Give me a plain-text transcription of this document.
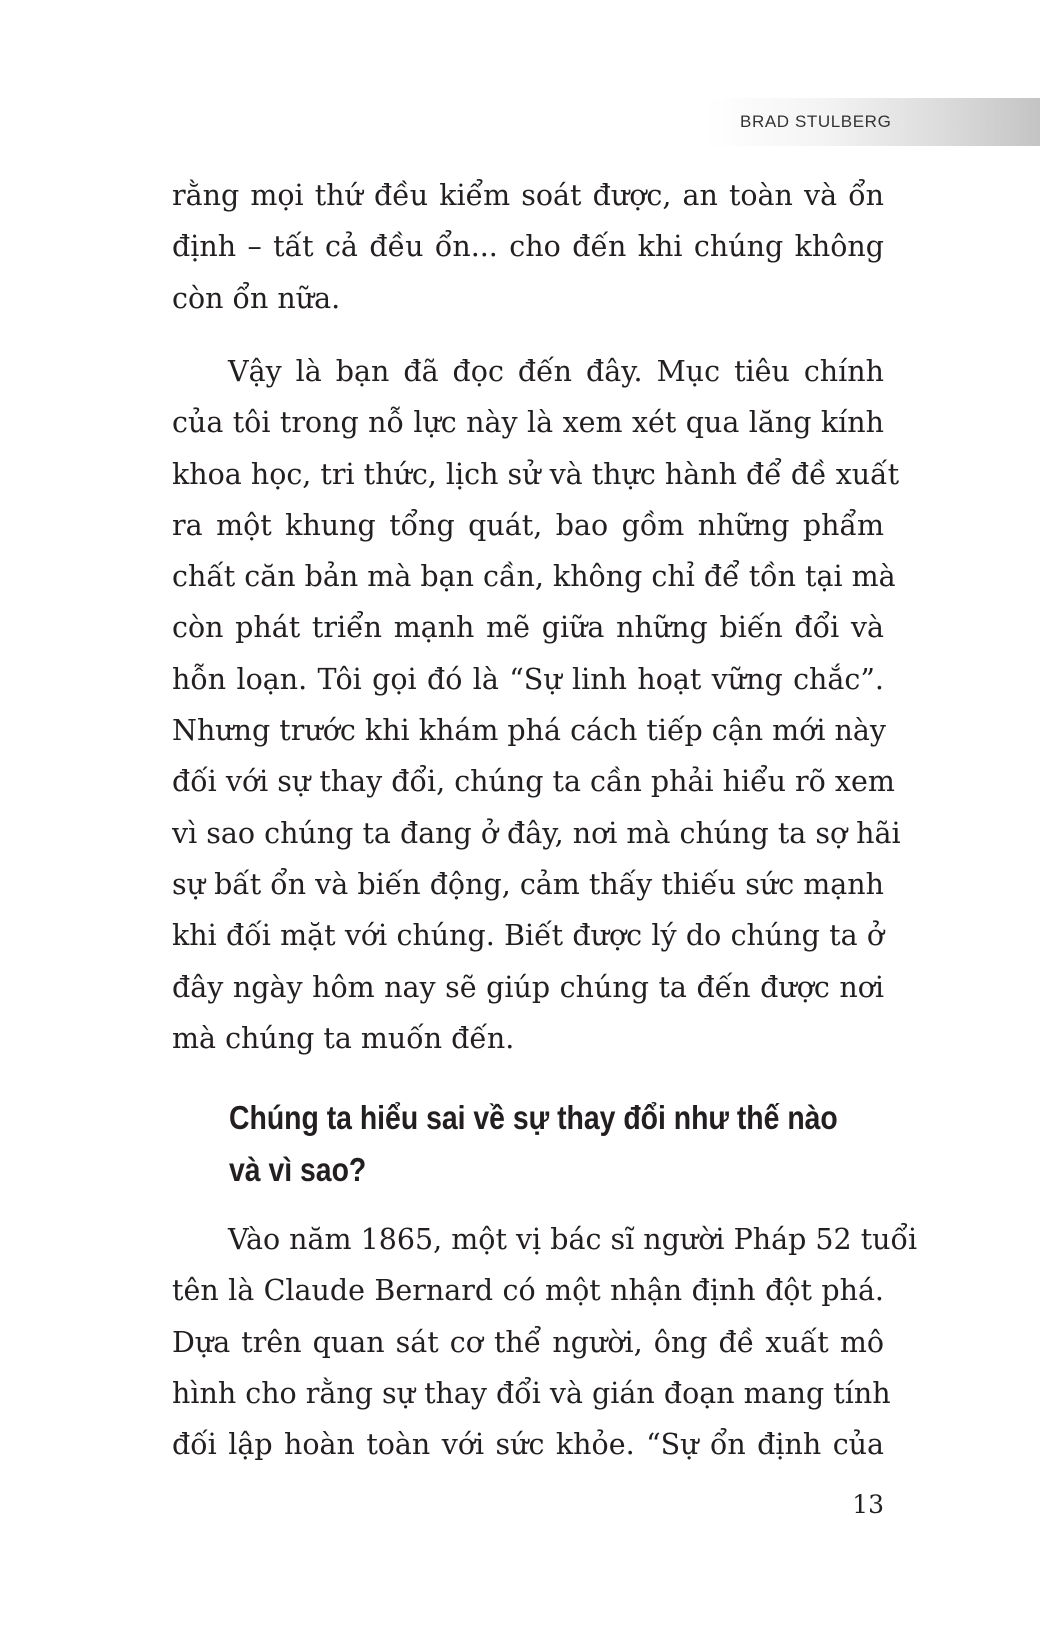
BRAD STULBERG
rằng mọi thứ đều kiểm soát được, an toàn và ổn
định – tất cả đều ổn... cho đến khi chúng không
còn ổn nữa.
Vậy là bạn đã đọc đến đây. Mục tiêu chính
của tôi trong nỗ lực này là xem xét qua lăng kính
khoa học, tri thức, lịch sử và thực hành để đề xuất
ra một khung tổng quát, bao gồm những phẩm
chất căn bản mà bạn cần, không chỉ để tồn tại mà
còn phát triển mạnh mẽ giữa những biến đổi và
hỗn loạn. Tôi gọi đó là “Sự linh hoạt vững chắc”.
Nhưng trước khi khám phá cách tiếp cận mới này
đối với sự thay đổi, chúng ta cần phải hiểu rõ xem
vì sao chúng ta đang ở đây, nơi mà chúng ta sợ hãi
sự bất ổn và biến động, cảm thấy thiếu sức mạnh
khi đối mặt với chúng. Biết được lý do chúng ta ở
đây ngày hôm nay sẽ giúp chúng ta đến được nơi
mà chúng ta muốn đến.
Chúng ta hiểu sai về sự thay đổi như thế nào
và vì sao?
Vào năm 1865, một vị bác sĩ người Pháp 52 tuổi
tên là Claude Bernard có một nhận định đột phá.
Dựa trên quan sát cơ thể người, ông đề xuất mô
hình cho rằng sự thay đổi và gián đoạn mang tính
đối lập hoàn toàn với sức khỏe. “Sự ổn định của
13
